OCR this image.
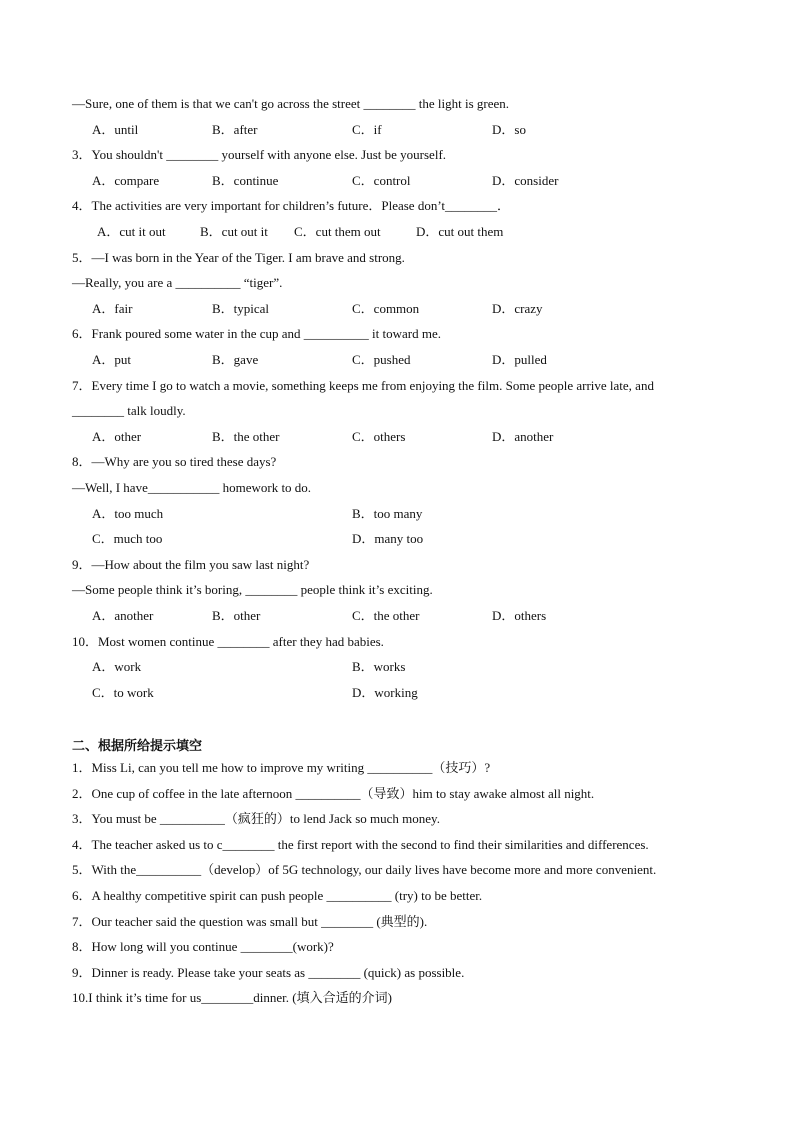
—Sure, one of them is that we can't go across the street ________ the light is green.
A．until	B．after	C．if	D．so
3．You shouldn't ________ yourself with anyone else. Just be yourself.
A．compare	B．continue	C．control	D．consider
4．The activities are very important for children’s future．Please don’t________．
A．cut it out	B．cut out it C．cut them out	D．cut out them
5．—I was born in the Year of the Tiger. I am brave and strong.
—Really, you are a __________ “tiger”.
A．fair	B．typical	C．common	D．crazy
6．Frank poured some water in the cup and __________ it toward me.
A．put	B．gave	C．pushed	D．pulled
7．Every time I go to watch a movie, something keeps me from enjoying the film. Some people arrive late, and
________ talk loudly.
A．other	B．the other	C．others	D．another
8．—Why are you so tired these days?
—Well, I have___________ homework to do.
A．too much	B．too many
C．much too	D．many too
9．—How about the film you saw last night?
—Some people think it’s boring, ________ people think it’s exciting.
A．another	B．other	C．the other	D．others
10．Most women continue ________ after they had babies.
A．work	B．works
C．to work	D．working
二、根据所给提示填空
1．Miss Li, can you tell me how to improve my writing __________（技巧）?
2．One cup of coffee in the late afternoon __________（导致）him to stay awake almost all night.
3．You must be __________（疯狂的）to lend Jack so much money.
4．The teacher asked us to c________ the first report with the second to find their similarities and differences.
5．With the__________（develop）of 5G technology, our daily lives have become more and more convenient.
6．A healthy competitive spirit can push people __________ (try) to be better.
7．Our teacher said the question was small but ________ (典型的).
8．How long will you continue ________(work)?
9．Dinner is ready. Please take your seats as ________ (quick) as possible.
10.I think it’s time for us________dinner. (填入合适的介词)
